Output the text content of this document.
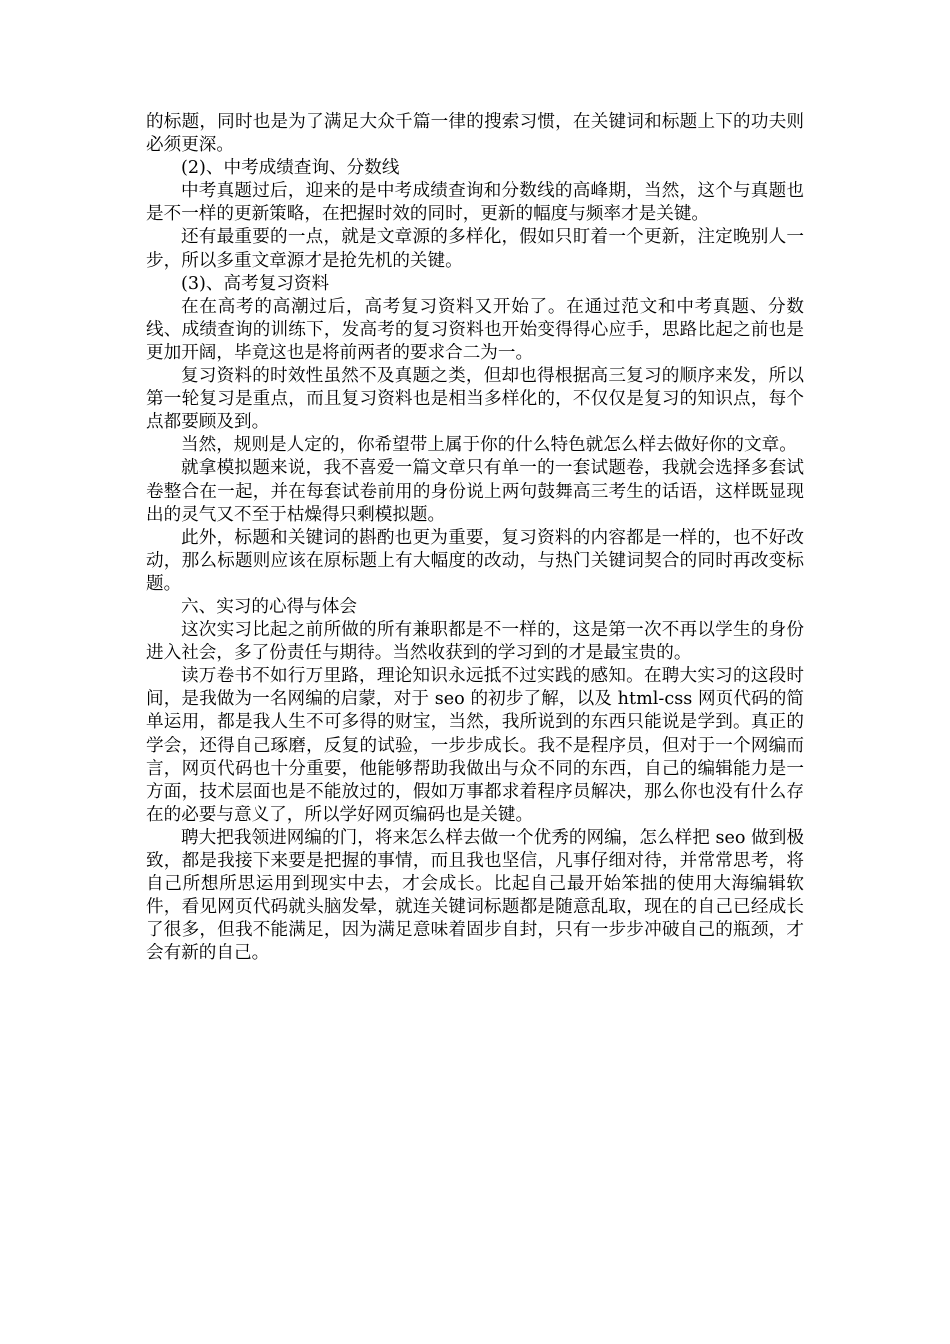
的标题，同时也是为了满足大众千篇一律的搜索习惯，在关键词和标题上下的功夫则必须更深。

(2)、中考成绩查询、分数线

中考真题过后，迎来的是中考成绩查询和分数线的高峰期，当然，这个与真题也是不一样的更新策略，在把握时效的同时，更新的幅度与频率才是关键。

还有最重要的一点，就是文章源的多样化，假如只盯着一个更新，注定晚别人一步，所以多重文章源才是抢先机的关键。

(3)、高考复习资料

在在高考的高潮过后，高考复习资料又开始了。在通过范文和中考真题、分数线、成绩查询的训练下，发高考的复习资料也开始变得得心应手，思路比起之前也是更加开阔，毕竟这也是将前两者的要求合二为一。

复习资料的时效性虽然不及真题之类，但却也得根据高三复习的顺序来发，所以第一轮复习是重点，而且复习资料也是相当多样化的，不仅仅是复习的知识点，每个点都要顾及到。

当然，规则是人定的，你希望带上属于你的什么特色就怎么样去做好你的文章。

就拿模拟题来说，我不喜爱一篇文章只有单一的一套试题卷，我就会选择多套试卷整合在一起，并在每套试卷前用的身份说上两句鼓舞高三考生的话语，这样既显现出的灵气又不至于枯燥得只剩模拟题。

此外，标题和关键词的斟酌也更为重要，复习资料的内容都是一样的，也不好改动，那么标题则应该在原标题上有大幅度的改动，与热门关键词契合的同时再改变标题。

六、实习的心得与体会

这次实习比起之前所做的所有兼职都是不一样的，这是第一次不再以学生的身份进入社会，多了份责任与期待。当然收获到的学习到的才是最宝贵的。

读万卷书不如行万里路，理论知识永远抵不过实践的感知。在聘大实习的这段时间，是我做为一名网编的启蒙，对于 seo 的初步了解，以及 html-css 网页代码的简单运用，都是我人生不可多得的财宝，当然，我所说到的东西只能说是学到。真正的学会，还得自己琢磨，反复的试验，一步步成长。我不是程序员，但对于一个网编而言，网页代码也十分重要，他能够帮助我做出与众不同的东西，自己的编辑能力是一方面，技术层面也是不能放过的，假如万事都求着程序员解决，那么你也没有什么存在的必要与意义了，所以学好网页编码也是关键。

聘大把我领进网编的门，将来怎么样去做一个优秀的网编，怎么样把 seo 做到极致，都是我接下来要是把握的事情，而且我也坚信，凡事仔细对待，并常常思考，将自己所想所思运用到现实中去，才会成长。比起自己最开始笨拙的使用大海编辑软件，看见网页代码就头脑发晕，就连关键词标题都是随意乱取，现在的自己已经成长了很多，但我不能满足，因为满足意味着固步自封，只有一步步冲破自己的瓶颈，才会有新的自己。
